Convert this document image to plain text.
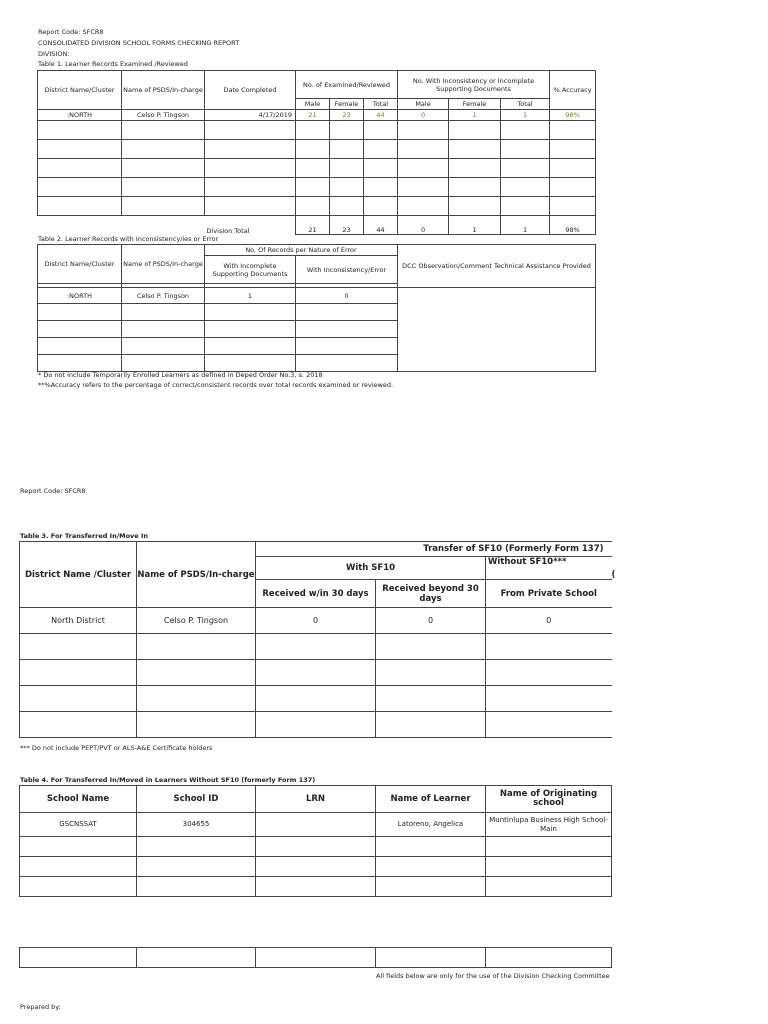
Report Code: SFCR8
CONSOLIDATED DIVISION SCHOOL FORMS CHECKING REPORT
DIVISION:
Table 1. Learner Records Examined /Reviewed
District Name/Cluster	Name of PSDS/In-charge	Date Completed	No. of Examined/Reviewed			No. With Inconsistency or Incomplete Supporting Documents			% Accuracy
			Male	Female	Total	Male	Female	Total	
:NORTH	Celso P. Tingson	4/17/2019	21	23	44	0	1	1	98%

		Division Total	21	23	44	0	1	1	98%
Table 2. Learner Records with Inconsistency/ies or Error
District Name/Cluster	Name of PSDS/In-charge	No. Of Records per Nature of Error		DCC Observation/Comment Technical Assistance Provided
		With Incomplete Supporting Documents	With Inconsistency/Error	

:NORTH	Celso P. Tingson	1	0	

* Do not include Temporarily Enrolled Learners as defined in Deped Order No.3, s. 2018
**%Accuracy refers to the percentage of correct/consistent records over total records examined or reviewed.
Report Code: SFCR8
Table 3. For Transferred In/Move In
District Name /Cluster	Name of PSDS/In-charge	Transfer of SF10 (Formerly Form 137)			
		With SF10		Without SF10***	(
		Received w/in 30 days	Received beyond 30 days	From Private School	
North District	Celso P. Tingson	0	0	0	

*** Do not include PEPT/PVT or ALS-A&E Certificate holders
Table 4. For Transferred In/Moved in Learners Without SF10 (formerly Form 137)
School Name	School ID	LRN	Name of Learner	Name of Originating school
GSCNSSAT	304655		Latoreno, Angelica	Muntinlupa Business High School-Main

All fields below are only for the use of the Division Checking Committee
Prepared by:
